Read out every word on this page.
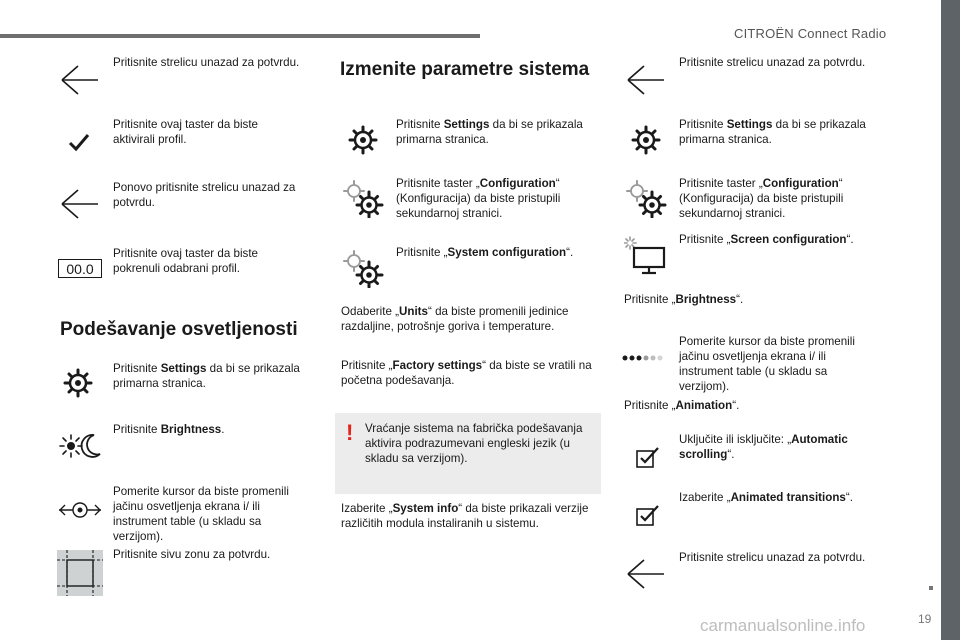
CITROËN Connect Radio
19
carmanualsonline.info
Pritisnite strelicu unazad za potvrdu.
Pritisnite ovaj taster da biste aktivirali profil.
Ponovo pritisnite strelicu unazad za potvrdu.
00.0
Pritisnite ovaj taster da biste pokrenuli odabrani profil.
Podešavanje osvetljenosti
Pritisnite Settings da bi se prikazala primarna stranica.
Pritisnite Brightness.
Pomerite kursor da biste promenili jačinu osvetljenja ekrana i/ ili instrument table (u skladu sa verzijom).
Pritisnite sivu zonu za potvrdu.
Izmenite parametre sistema
Pritisnite Settings da bi se prikazala primarna stranica.
Pritisnite taster „Configuration“ (Konfiguracija) da biste pristupili sekundarnoj stranici.
Pritisnite „System configuration“.
Odaberite „Units“ da biste promenili jedinice razdaljine, potrošnje goriva i temperature.
Pritisnite „Factory settings“ da biste se vratili na početna podešavanja.
! Vraćanje sistema na fabrička podešavanja aktivira podrazumevani engleski jezik (u skladu sa verzijom).
Izaberite „System info“ da biste prikazali verzije različitih modula instaliranih u sistemu.
Pritisnite strelicu unazad za potvrdu.
Pritisnite Settings da bi se prikazala primarna stranica.
Pritisnite taster „Configuration“ (Konfiguracija) da biste pristupili sekundarnoj stranici.
Pritisnite „Screen configuration“.
Pritisnite „Brightness“.
Pomerite kursor da biste promenili jačinu osvetljenja ekrana i/ ili instrument table (u skladu sa verzijom).
Pritisnite „Animation“.
Uključite ili isključite: „Automatic scrolling“.
Izaberite „Animated transitions“.
Pritisnite strelicu unazad za potvrdu.
